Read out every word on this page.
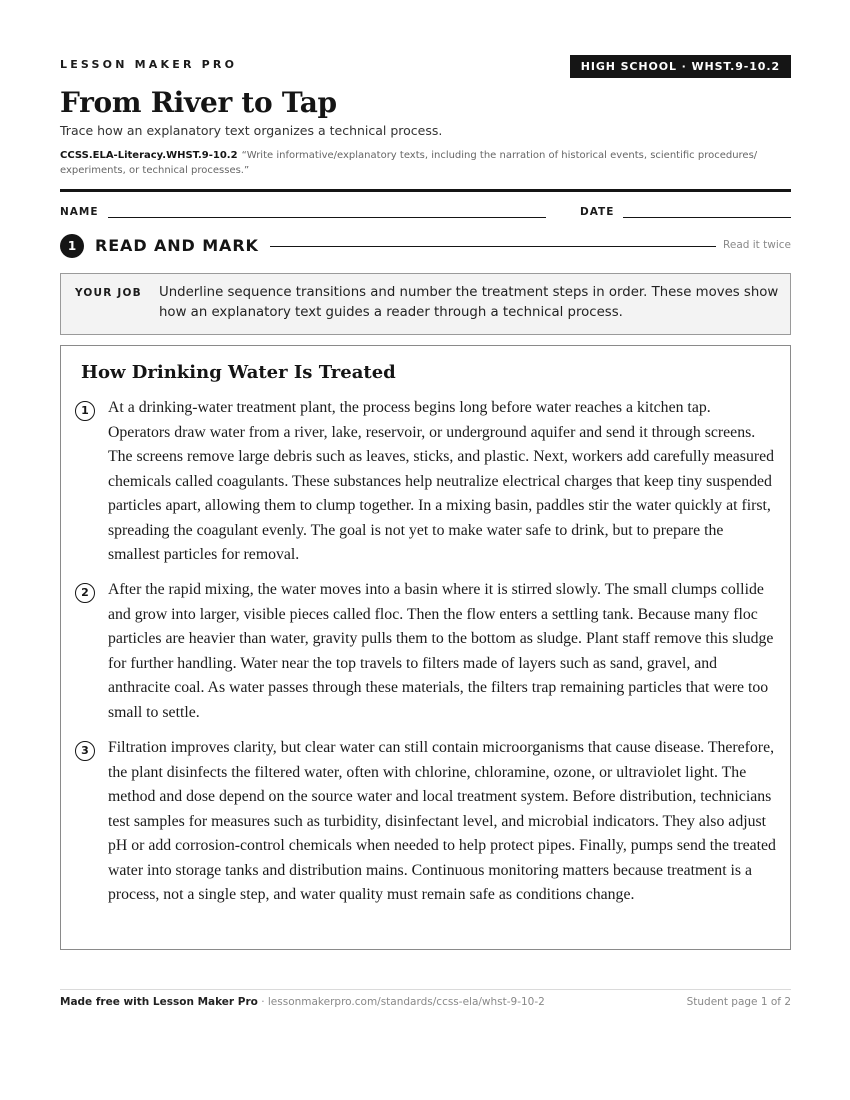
LESSON MAKER PRO	HIGH SCHOOL · WHST.9-10.2
From River to Tap
Trace how an explanatory text organizes a technical process.
CCSS.ELA-Literacy.WHST.9-10.2 “Write informative/explanatory texts, including the narration of historical events, scientific procedures/ experiments, or technical processes.”
NAME	DATE
1	READ AND MARK	Read it twice
YOUR JOB Underline sequence transitions and number the treatment steps in order. These moves show how an explanatory text guides a reader through a technical process.
How Drinking Water Is Treated
1	At a drinking-water treatment plant, the process begins long before water reaches a kitchen tap. Operators draw water from a river, lake, reservoir, or underground aquifer and send it through screens. The screens remove large debris such as leaves, sticks, and plastic. Next, workers add carefully measured chemicals called coagulants. These substances help neutralize electrical charges that keep tiny suspended particles apart, allowing them to clump together. In a mixing basin, paddles stir the water quickly at first, spreading the coagulant evenly. The goal is not yet to make water safe to drink, but to prepare the smallest particles for removal.
2	After the rapid mixing, the water moves into a basin where it is stirred slowly. The small clumps collide and grow into larger, visible pieces called floc. Then the flow enters a settling tank. Because many floc particles are heavier than water, gravity pulls them to the bottom as sludge. Plant staff remove this sludge for further handling. Water near the top travels to filters made of layers such as sand, gravel, and anthracite coal. As water passes through these materials, the filters trap remaining particles that were too small to settle.
3	Filtration improves clarity, but clear water can still contain microorganisms that cause disease. Therefore, the plant disinfects the filtered water, often with chlorine, chloramine, ozone, or ultraviolet light. The method and dose depend on the source water and local treatment system. Before distribution, technicians test samples for measures such as turbidity, disinfectant level, and microbial indicators. They also adjust pH or add corrosion-control chemicals when needed to help protect pipes. Finally, pumps send the treated water into storage tanks and distribution mains. Continuous monitoring matters because treatment is a process, not a single step, and water quality must remain safe as conditions change.
Made free with Lesson Maker Pro · lessonmakerpro.com/standards/ccss-ela/whst-9-10-2	Student page 1 of 2
